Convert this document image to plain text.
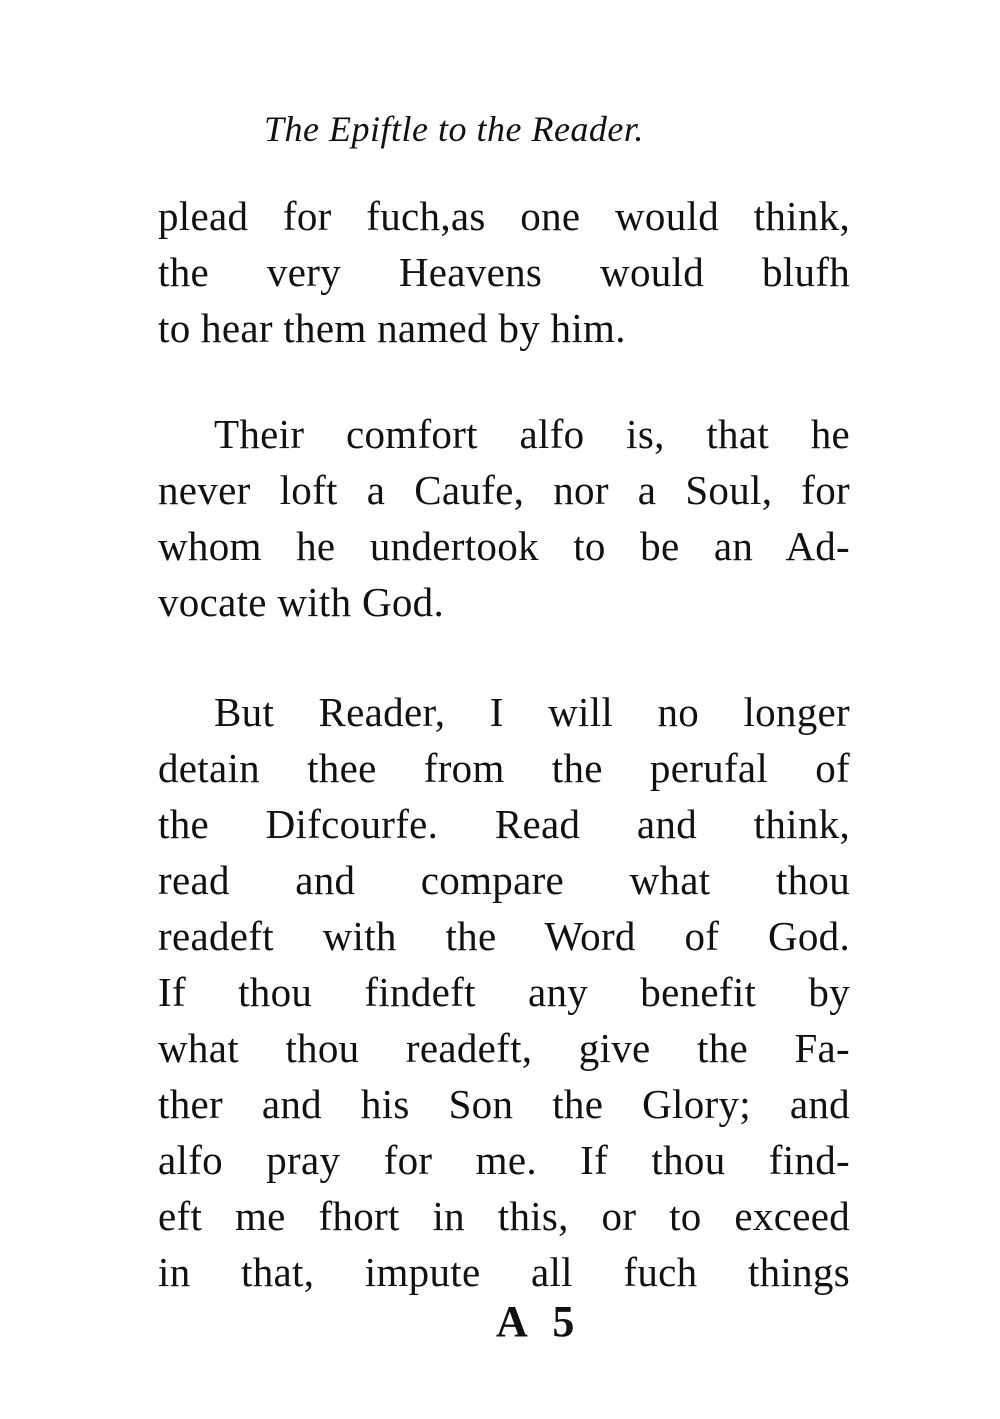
The Epiftle to the Reader.
plead for fuch,as one would think,
the very Heavens would blufh
to hear them named by him.
Their comfort alfo is, that he
never loft a Caufe, nor a Soul, for
whom he undertook to be an Ad-
vocate with God.
But Reader, I will no longer
detain thee from the perufal of
the Difcourfe. Read and think,
read and compare what thou
readeft with the Word of God.
If thou findeft any benefit by
what thou readeft, give the Fa-
ther and his Son the Glory; and
alfo pray for me. If thou find-
eft me fhort in this, or to exceed
in that, impute all fuch things
A 5
